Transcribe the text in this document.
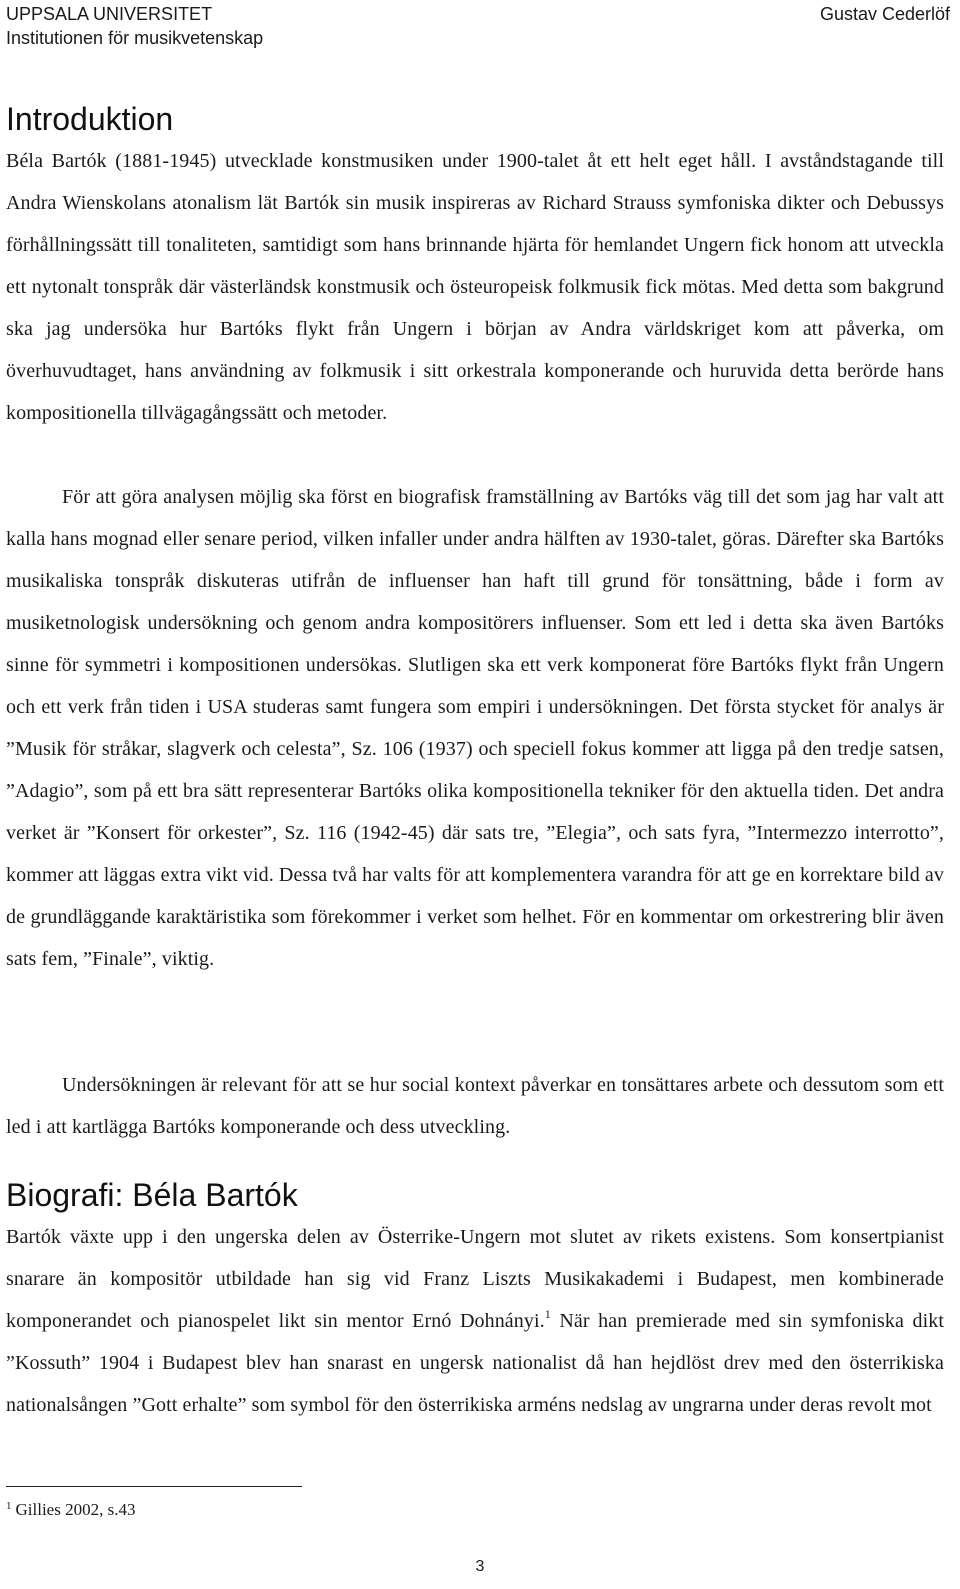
UPPSALA UNIVERSITET
Institutionen för musikvetenskap
Gustav Cederlöf
Introduktion

Béla Bartók (1881-1945) utvecklade konstmusiken under 1900-talet åt ett helt eget håll. I avståndstagande till Andra Wienskolans atonalism lät Bartók sin musik inspireras av Richard Strauss symfoniska dikter och Debussys förhållningssätt till tonaliteten, samtidigt som hans brinnande hjärta för hemlandet Ungern fick honom att utveckla ett nytonalt tonspråk där västerländsk konstmusik och östeuropeisk folkmusik fick mötas. Med detta som bakgrund ska jag undersöka hur Bartóks flykt från Ungern i början av Andra världskriget kom att påverka, om överhuvudtaget, hans användning av folkmusik i sitt orkestrala komponerande och huruvida detta berörde hans kompositionella tillvägagångssätt och metoder.

För att göra analysen möjlig ska först en biografisk framställning av Bartóks väg till det som jag har valt att kalla hans mognad eller senare period, vilken infaller under andra hälften av 1930-talet, göras. Därefter ska Bartóks musikaliska tonspråk diskuteras utifrån de influenser han haft till grund för tonsättning, både i form av musiketnologisk undersökning och genom andra kompositörers influenser. Som ett led i detta ska även Bartóks sinne för symmetri i kompositionen undersökas. Slutligen ska ett verk komponerat före Bartóks flykt från Ungern och ett verk från tiden i USA studeras samt fungera som empiri i undersökningen. Det första stycket för analys är ”Musik för stråkar, slagverk och celesta”, Sz. 106 (1937) och speciell fokus kommer att ligga på den tredje satsen, ”Adagio”, som på ett bra sätt representerar Bartóks olika kompositionella tekniker för den aktuella tiden. Det andra verket är ”Konsert för orkester”, Sz. 116 (1942-45) där sats tre, ”Elegia”, och sats fyra, ”Intermezzo interrotto”, kommer att läggas extra vikt vid. Dessa två har valts för att komplementera varandra för att ge en korrektare bild av de grundläggande karaktäristika som förekommer i verket som helhet. För en kommentar om orkestrering blir även sats fem, ”Finale”, viktig.

Undersökningen är relevant för att se hur social kontext påverkar en tonsättares arbete och dessutom som ett led i att kartlägga Bartóks komponerande och dess utveckling.

Biografi: Béla Bartók

Bartók växte upp i den ungerska delen av Österrike-Ungern mot slutet av rikets existens. Som konsertpianist snarare än kompositör utbildade han sig vid Franz Liszts Musikakademi i Budapest, men kombinerade komponerandet och pianospelet likt sin mentor Ernó Dohnányi.$^1$ När han premierade med sin symfoniska dikt ”Kossuth” 1904 i Budapest blev han snarast en ungersk nationalist då han hejdlöst drev med den österrikiska nationalsången ”Gott erhalte” som symbol för den österrikiska arméns nedslag av ungrarna under deras revolt mot

$^1$ Gillies 2002, s.43
3
